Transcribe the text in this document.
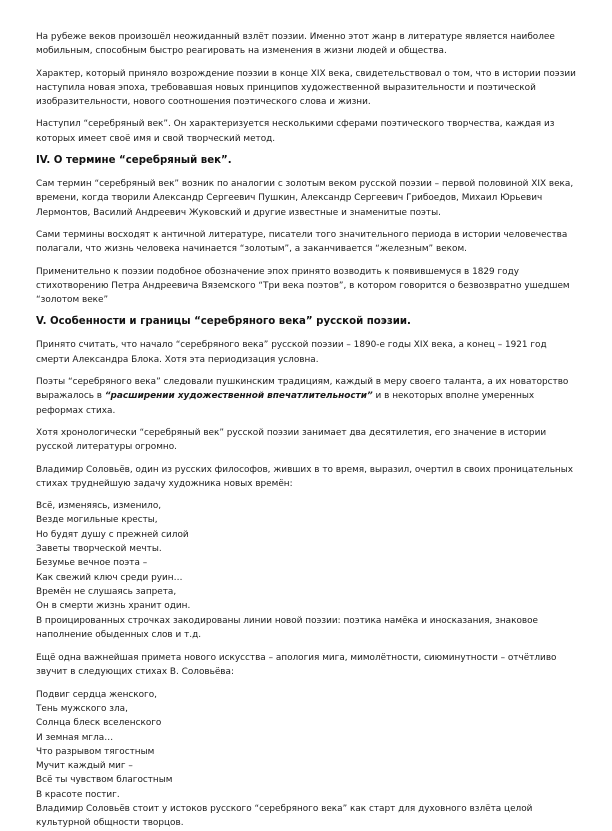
На рубеже веков произошёл неожиданный взлёт поэзии. Именно этот жанр в литературе является наиболее мобильным, способным быстро реагировать на изменения в жизни людей и общества.

Характер, который приняло возрождение поэзии в конце XIX века, свидетельствовал о том, что в истории поэзии наступила новая эпоха, требовавшая новых принципов художественной выразительности и поэтической изобразительности, нового соотношения поэтического слова и жизни.

Наступил “серебряный век”. Он характеризуется несколькими сферами поэтического творчества, каждая из которых имеет своё имя и свой творческий метод.

IV. О термине “серебряный век”.

Сам термин “серебряный век” возник по аналогии с золотым веком русской поэзии – первой половиной XIX века, времени, когда творили Александр Сергеевич Пушкин, Александр Сергеевич Грибоедов, Михаил Юрьевич Лермонтов, Василий Андреевич Жуковский и другие известные и знаменитые поэты.

Сами термины восходят к античной литературе, писатели того значительного периода в истории человечества полагали, что жизнь человека начинается “золотым”, а заканчивается “железным” веком.

Применительно к поэзии подобное обозначение эпох принято возводить к появившемуся в 1829 году стихотворению Петра Андреевича Вяземского “Три века поэтов”, в котором говорится о безвозвратно ушедшем “золотом веке”

V. Особенности и границы “серебряного века” русской поэзии.

Принято считать, что начало “серебряного века” русской поэзии – 1890-е годы XIX века, а конец – 1921 год смерти Александра Блока. Хотя эта периодизация условна.

Поэты “серебряного века” следовали пушкинским традициям, каждый в меру своего таланта, а их новаторство выражалось в “расширении художественной впечатлительности” и в некоторых вполне умеренных реформах стиха.

Хотя хронологически “серебряный век” русской поэзии занимает два десятилетия, его значение в истории русской литературы огромно.

Владимир Соловьёв, один из русских философов, живших в то время, выразил, очертил в своих проницательных стихах труднейшую задачу художника новых времён:

Всё, изменяясь, изменило,
Везде могильные кресты,
Но будят душу с прежней силой
Заветы творческой мечты.
Безумье вечное поэта –
Как свежий ключ среди руин…
Времён не слушаясь запрета,
Он в смерти жизнь хранит один.

В проицированных строчках закодированы линии новой поэзии: поэтика намёка и иносказания, знаковое наполнение обыденных слов и т.д.

Ещё одна важнейшая примета нового искусства – апология мига, мимолётности, сиюминутности – отчётливо звучит в следующих стихах В. Соловьёва:

Подвиг сердца женского,
Тень мужского зла,
Солнца блеск вселенского
И земная мгла…
Что разрывом тягостным
Мучит каждый миг –
Всё ты чувством благостным
В красоте постиг.

Владимир Соловьёв стоит у истоков русского “серебряного века” как старт для духовного взлёта целой культурной общности творцов.
